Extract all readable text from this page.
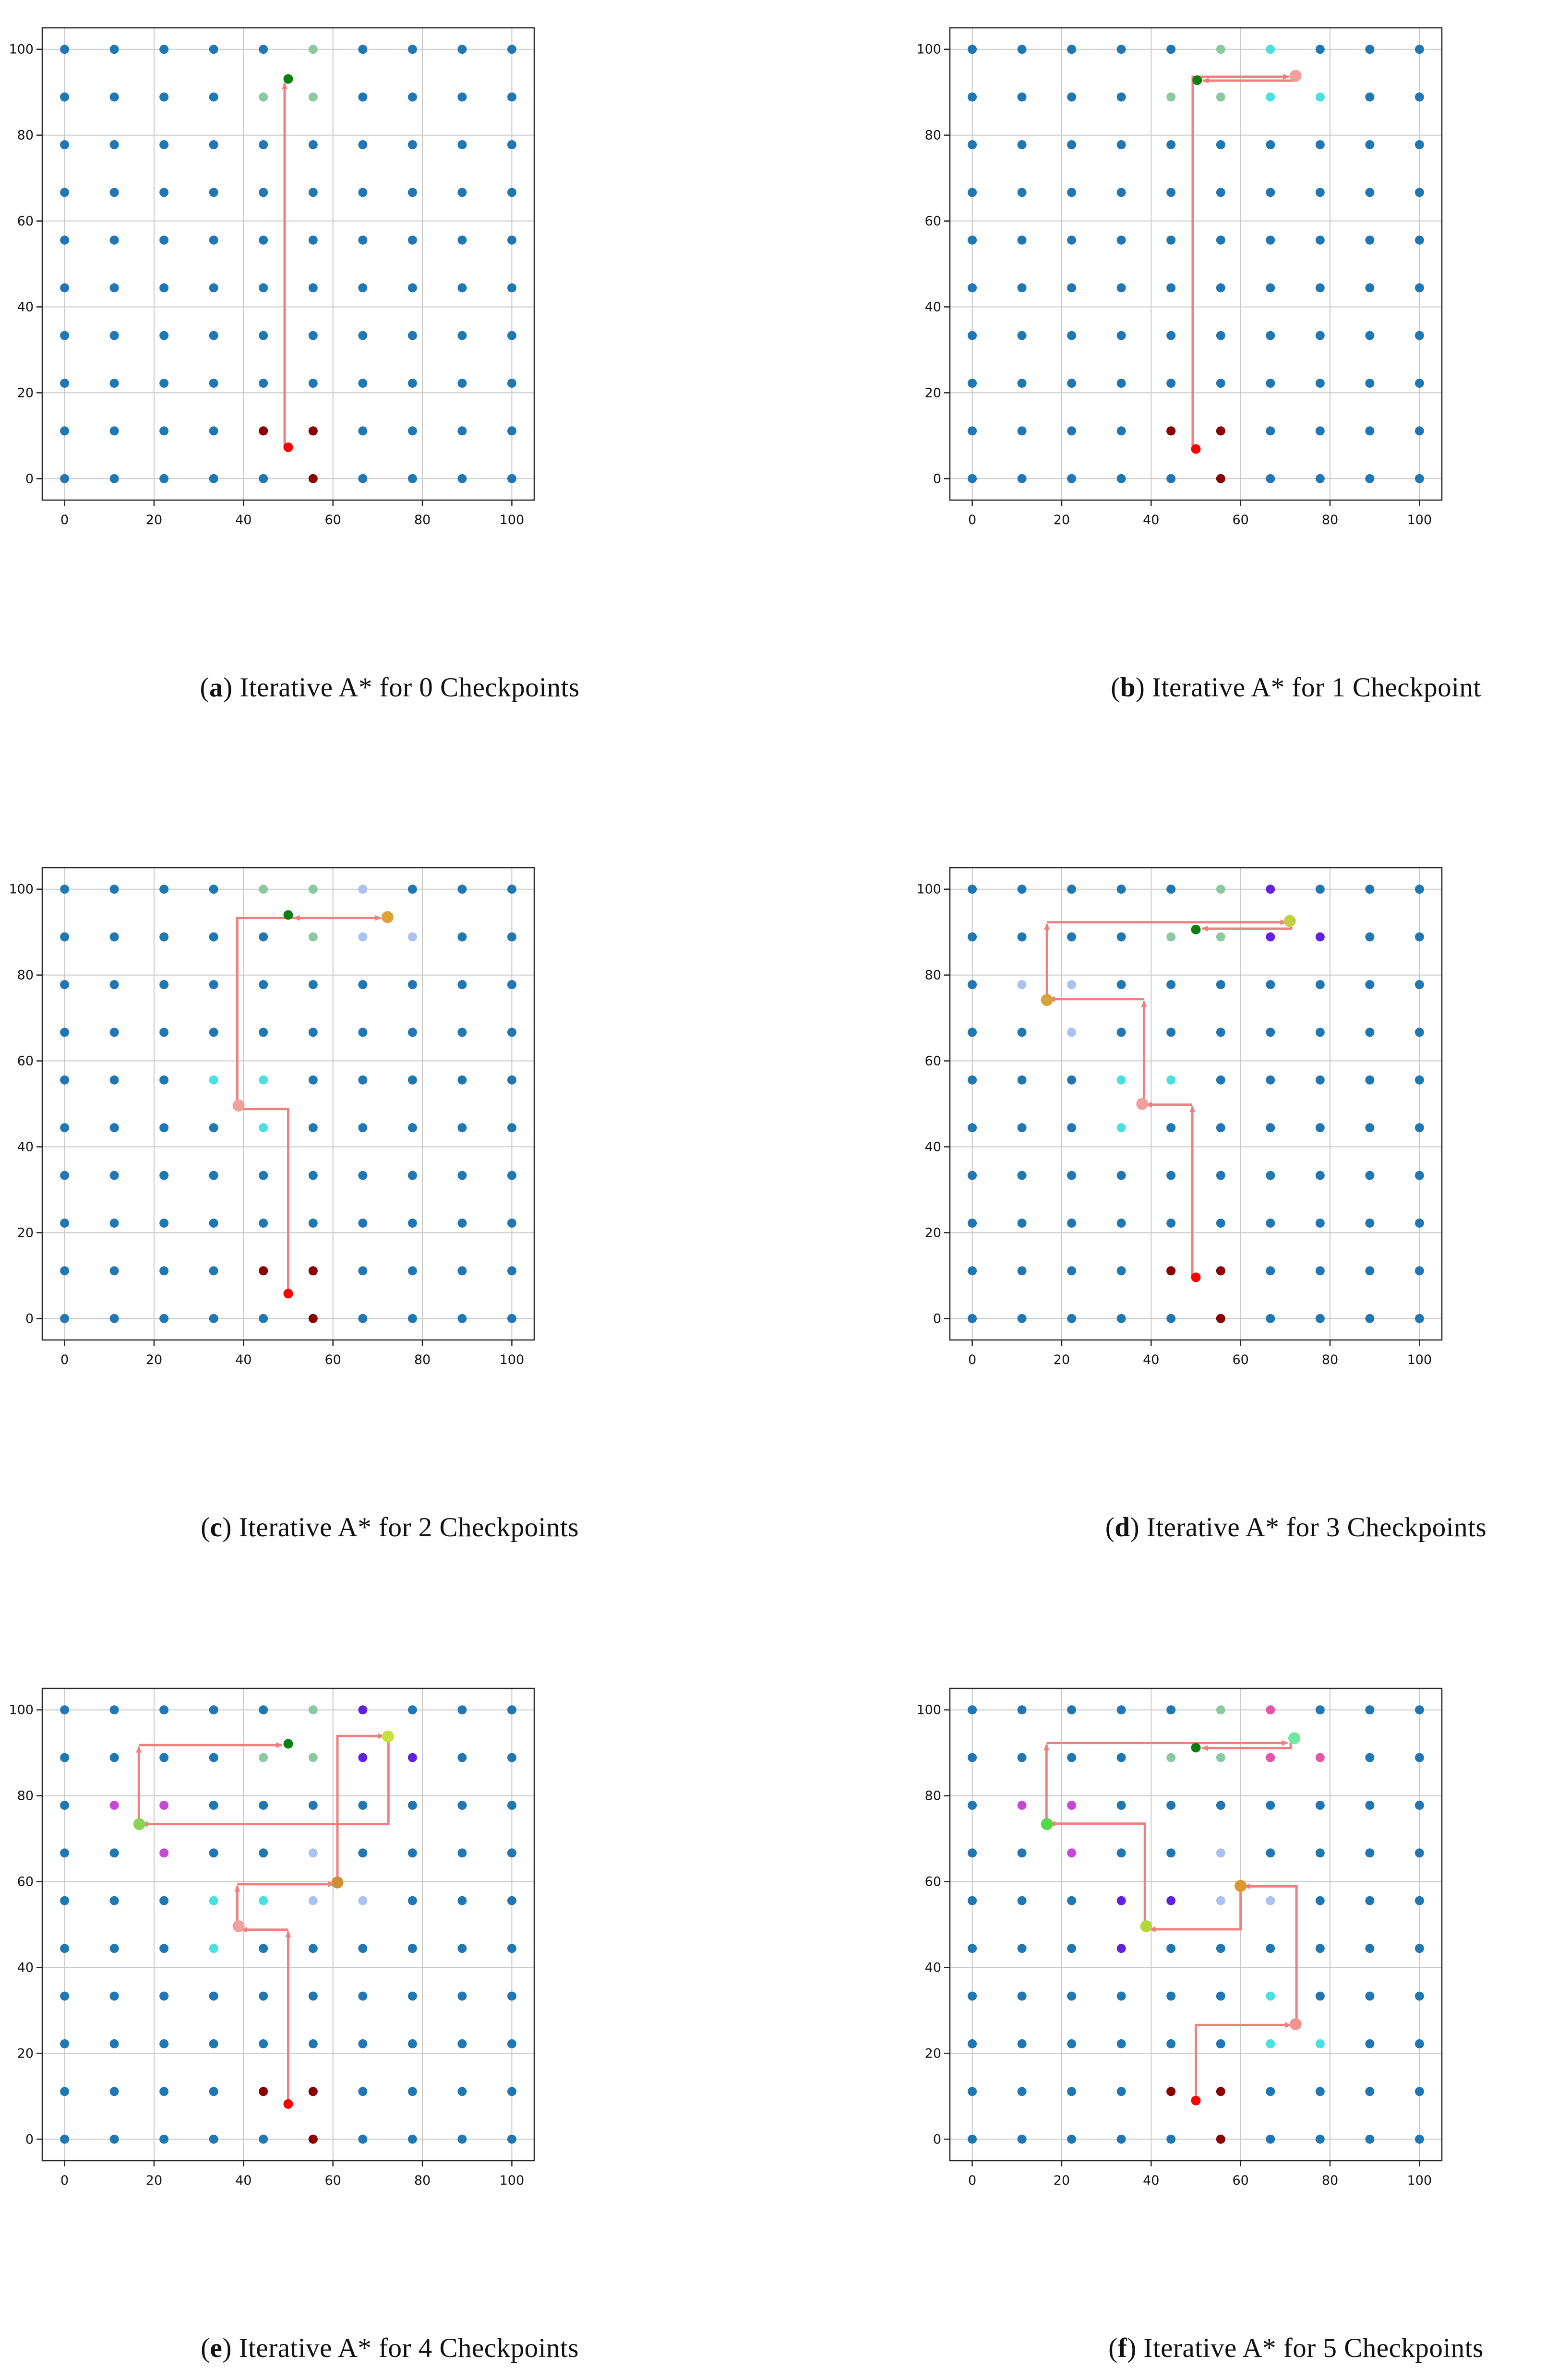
0
0
20
20
40
40
60
60
80
80
100
100
0
0
20
20
40
40
60
60
80
80
100
100
0
0
20
20
40
40
60
60
80
80
100
100
0
0
20
20
40
40
60
60
80
80
100
100
0
0
20
20
40
40
60
60
80
80
100
100
0
0
20
20
40
40
60
60
80
80
100
100
(a) Iterative A* for 0 Checkpoints	(b) Iterative A* for 1 Checkpoint
(c) Iterative A* for 2 Checkpoints	(d) Iterative A* for 3 Checkpoints
(e) Iterative A* for 4 Checkpoints	(f) Iterative A* for 5 Checkpoints
